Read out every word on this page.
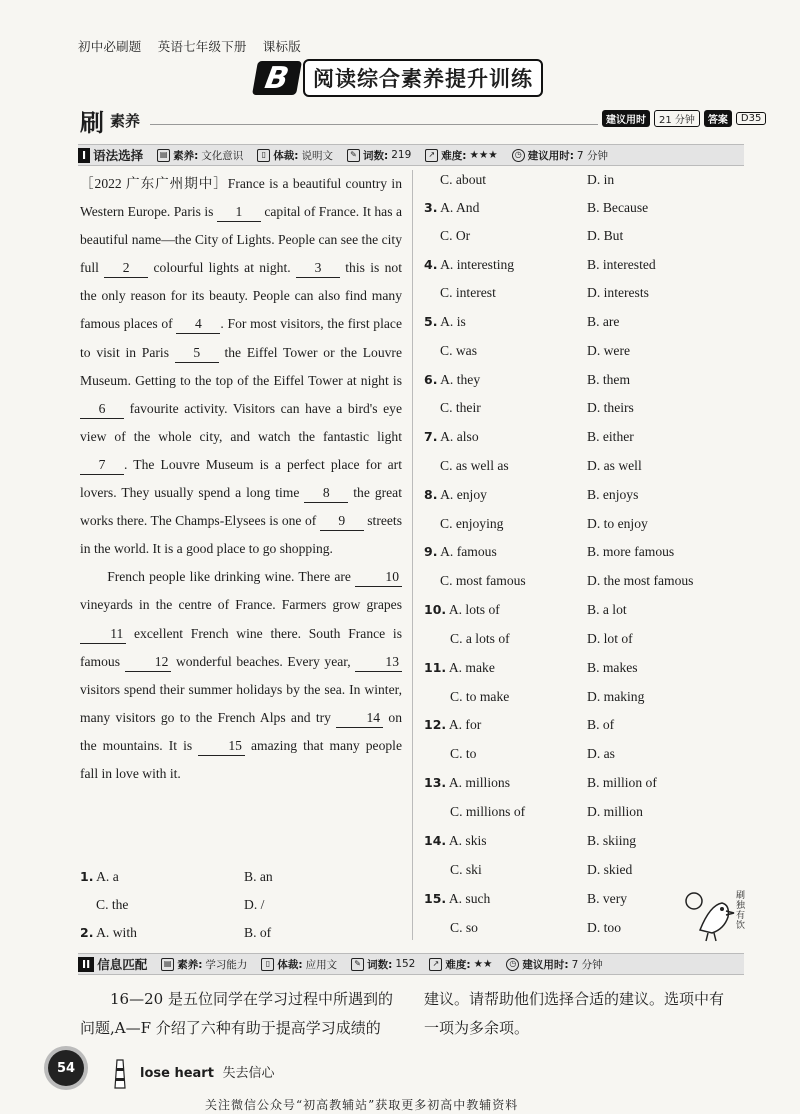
初中必刷题 英语七年级下册 课标版
B	阅读综合素养提升训练
刷 素养	建议用时	21 分钟	答案	D35
I 语法选择	▤ 素养: 文化意识	▯ 体裁: 说明文	✎ 词数: 219	↗ 难度: ★★★	◷ 建议用时: 7 分钟

［2022 广东广州期中］France is a beautiful country in Western Europe. Paris is 1 capital of France. It has a beautiful name—the City of Lights. People can see the city full 2 colourful lights at night. 3 this is not the only reason for its beauty. People can also find many famous places of 4 . For most visitors, the first place to visit in Paris 5 the Eiffel Tower or the Louvre Museum. Getting to the top of the Eiffel Tower at night is 6 favourite activity. Visitors can have a bird's eye view of the whole city, and watch the fantastic light 7 . The Louvre Museum is a perfect place for art lovers. They usually spend a long time 8 the great works there. The Champs-Elysees is one of 9 streets in the world. It is a good place to go shopping.

French people like drinking wine. There are 10 vineyards in the centre of France. Farmers grow grapes 11 excellent French wine there. South France is famous 12 wonderful beaches. Every year, 13 visitors spend their summer holidays by the sea. In winter, many visitors go to the French Alps and try 14 on the mountains. It is 15 amazing that many people fall in love with it.

1. A. a	B. an
C. the	D. /
2. A. with	B. of
C. about	D. in
3. A. And	B. Because
C. Or	D. But
4. A. interesting	B. interested
C. interest	D. interests
5. A. is	B. are
C. was	D. were
6. A. they	B. them
C. their	D. theirs
7. A. also	B. either
C. as well as	D. as well
8. A. enjoy	B. enjoys
C. enjoying	D. to enjoy
9. A. famous	B. more famous
C. most famous	D. the most famous
10. A. lots of	B. a lot
C. a lots of	D. lot of
11. A. make	B. makes
C. to make	D. making
12. A. for	B. of
C. to	D. as
13. A. millions	B. million of
C. millions of	D. million
14. A. skis	B. skiing
C. ski	D. skied
15. A. such	B. very
C. so	D. too
刷独有饮
II 信息匹配	▤ 素养: 学习能力	▯ 体裁: 应用文	✎ 词数: 152	↗ 难度: ★★	◷ 建议用时: 7 分钟
16—20 是五位同学在学习过程中所遇到的
问题,A—F 介绍了六种有助于提高学习成绩的
建议。请帮助他们选择合适的建议。选项中有
一项为多余项。
54	lose heart 失去信心
关注微信公众号“初高教辅站”获取更多初高中教辅资料
